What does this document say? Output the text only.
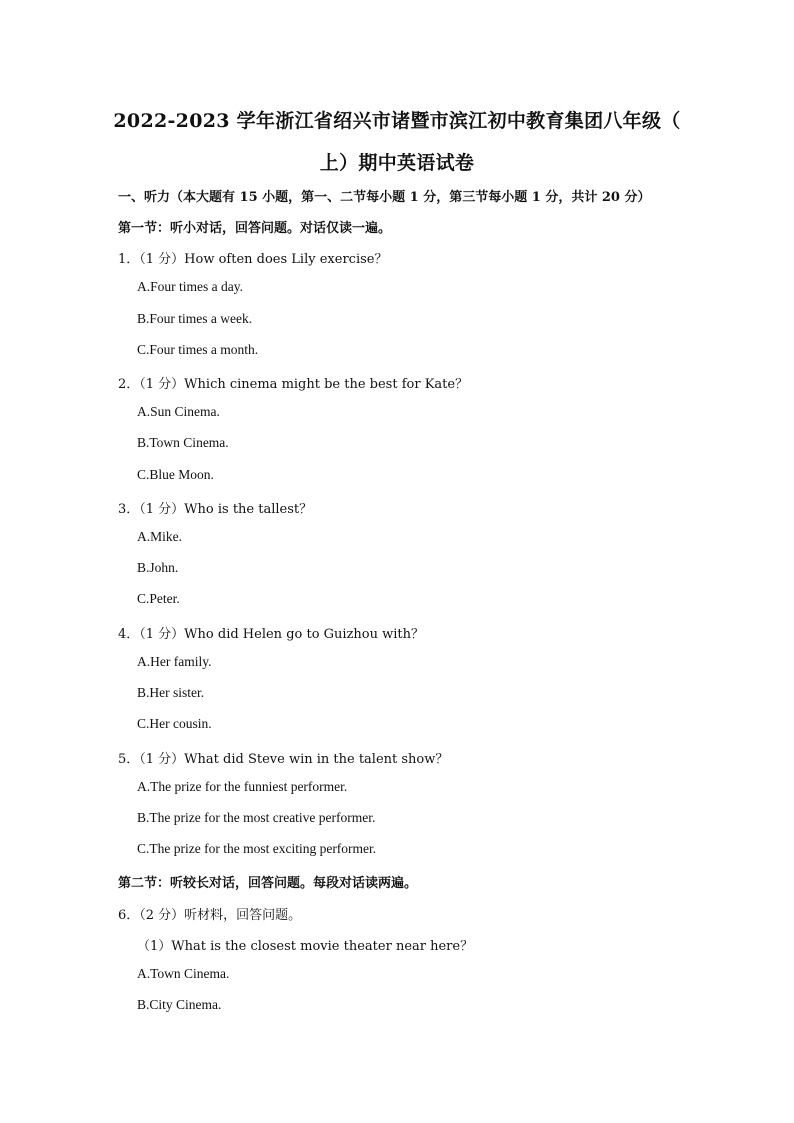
2022-2023 学年浙江省绍兴市诸暨市滨江初中教育集团八年级（
上）期中英语试卷
一、听力（本大题有 15 小题，第一、二节每小题 1 分，第三节每小题 1 分，共计 20 分）
第一节：听小对话，回答问题。对话仅读一遍。
1．（1 分）How often does Lily exercise？
A.Four times a day.
B.Four times a week.
C.Four times a month.
2．（1 分）Which cinema might be the best for Kate？
A.Sun Cinema.
B.Town Cinema.
C.Blue Moon.
3．（1 分）Who is the tallest？
A.Mike.
B.John.
C.Peter.
4．（1 分）Who did Helen go to Guizhou with？
A.Her family.
B.Her sister.
C.Her cousin.
5．（1 分）What did Steve win in the talent show？
A.The prize for the funniest performer.
B.The prize for the most creative performer.
C.The prize for the most exciting performer.
第二节：听较长对话，回答问题。每段对话读两遍。
6．（2 分）听材料，回答问题。
（1）What is the closest movie theater near here？
A.Town Cinema.
B.City Cinema.
